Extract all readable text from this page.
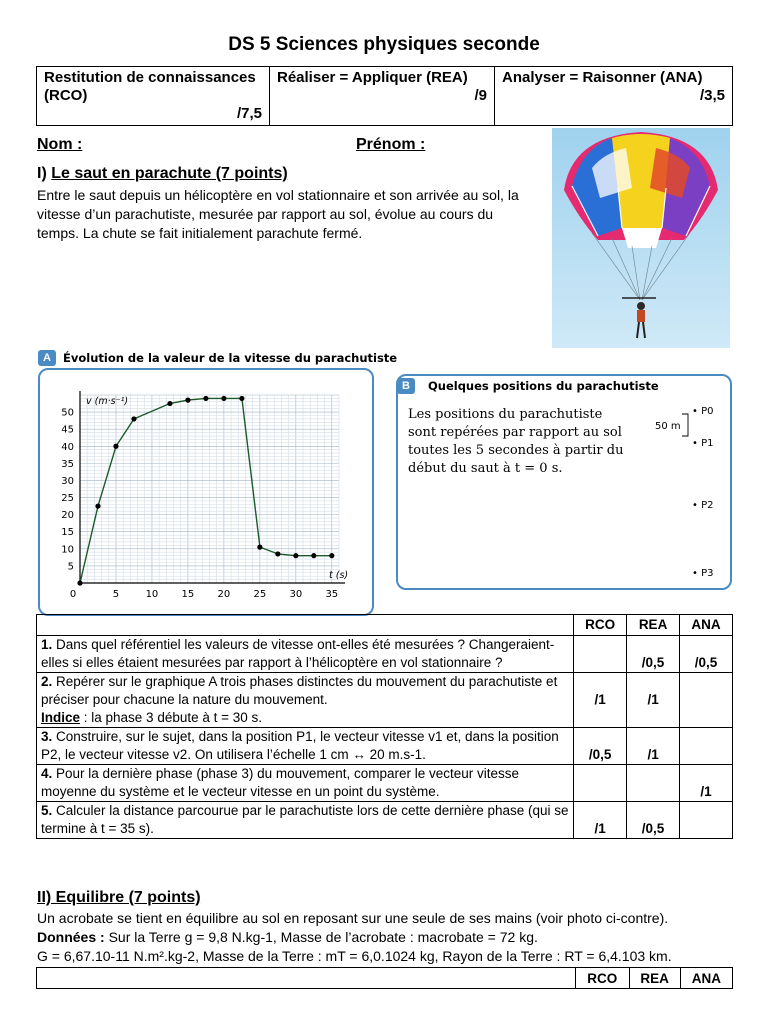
DS 5 Sciences physiques seconde
Restitution de connaissances (RCO)
/7,5

Réaliser = Appliquer (REA)
/9

Analyser = Raisonner (ANA)
/3,5
Nom :	Prénom :
I) Le saut en parachute (7 points)
Entre le saut depuis un hélicoptère en vol stationnaire et son arrivée au sol, la vitesse d’un parachutiste, mesurée par rapport au sol, évolue au cours du temps. La chute se fait initialement parachute fermé.
A	Évolution de la valeur de la vitesse du parachutiste
0	5	10 15 20 25 30 35
5
10
15
20
25
30
35
40
45
50
v (m·s⁻¹)
t (s)
B	Quelques positions du parachutiste
Les positions du parachutiste sont repérées par rapport au sol toutes les 5 secondes à partir du début du saut à t = 0 s.
50 m
• P0
• P1
• P2
• P3
	RCO	REA	ANA
1. Dans quel référentiel les valeurs de vitesse ont-elles été mesurées ? Changeraient-elles si elles étaient mesurées par rapport à l’hélicoptère en vol stationnaire ?		/0,5	/0,5
2. Repérer sur le graphique A trois phases distinctes du mouvement du parachutiste et préciser pour chacune la nature du mouvement.
Indice : la phase 3 débute à t = 30 s.	/1	/1	
3. Construire, sur le sujet, dans la position P1, le vecteur vitesse v1 et, dans la position P2, le vecteur vitesse v2. On utilisera l’échelle 1 cm ↔ 20 m.s-1.	/0,5	/1	
4. Pour la dernière phase (phase 3) du mouvement, comparer le vecteur vitesse moyenne du système et le vecteur vitesse en un point du système.			/1
5. Calculer la distance parcourue par le parachutiste lors de cette dernière phase (qui se termine à t = 35 s).	/1	/0,5	
II) Equilibre (7 points)
Un acrobate se tient en équilibre au sol en reposant sur une seule de ses mains (voir photo ci-contre).
Données : Sur la Terre g = 9,8 N.kg-1, Masse de l’acrobate : macrobate = 72 kg.
G = 6,67.10-11 N.m².kg-2, Masse de la Terre : mT = 6,0.1024 kg, Rayon de la Terre : RT = 6,4.103 km.
	RCO	REA	ANA
